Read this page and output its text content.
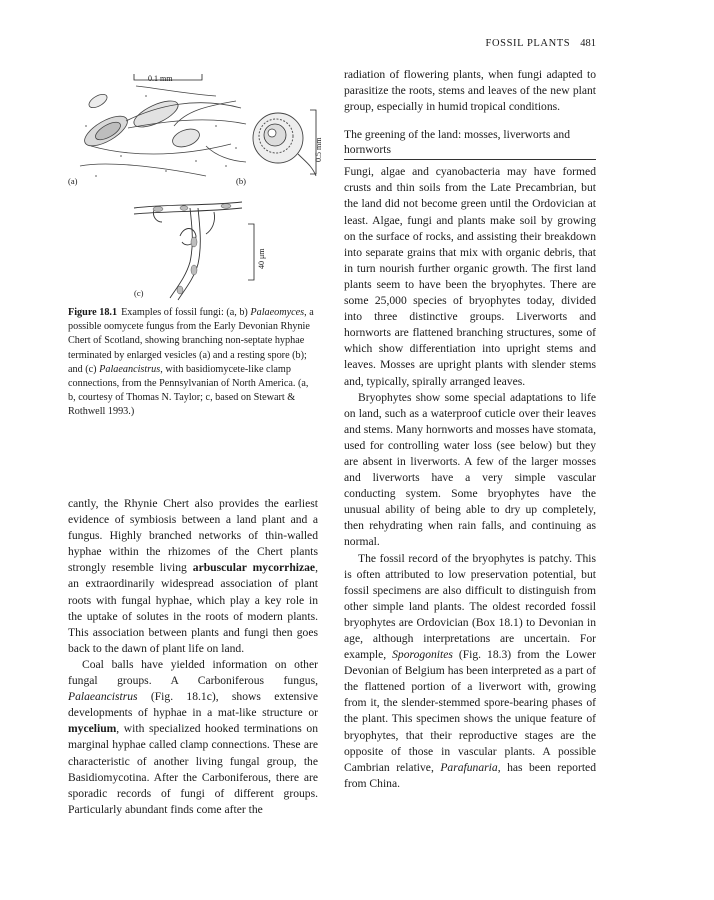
FOSSIL PLANTS 481
0.1 mm
(a)	(b)
(c)
0.5 mm
40 μm
Figure 18.1 Examples of fossil fungi: (a, b) Palaeomyces, a possible oomycete fungus from the Early Devonian Rhynie Chert of Scotland, showing branching non-septate hyphae terminated by enlarged vesicles (a) and a resting spore (b); and (c) Palaeancistrus, with basidiomycete-like clamp connections, from the Pennsylvanian of North America. (a, b, courtesy of Thomas N. Taylor; c, based on Stewart & Rothwell 1993.)

cantly, the Rhynie Chert also provides the earliest evidence of symbiosis between a land plant and a fungus. Highly branched networks of thin-walled hyphae within the rhizomes of the Chert plants strongly resemble living arbuscular mycorrhizae, an extraordinarily widespread association of plant roots with fungal hyphae, which play a key role in the uptake of solutes in the roots of modern plants. This association between plants and fungi then goes back to the dawn of plant life on land.

Coal balls have yielded information on other fungal groups. A Carboniferous fungus, Palaeancistrus (Fig. 18.1c), shows extensive developments of hyphae in a mat-like structure or mycelium, with specialized hooked terminations on marginal hyphae called clamp connections. These are characteristic of another living fungal group, the Basidiomycotina. After the Carboniferous, there are sporadic records of fungi of different groups. Particularly abundant finds come after the

radiation of flowering plants, when fungi adapted to parasitize the roots, stems and leaves of the new plant group, especially in humid tropical conditions.

The greening of the land: mosses, liverworts and hornworts

Fungi, algae and cyanobacteria may have formed crusts and thin soils from the Late Precambrian, but the land did not become green until the Ordovician at least. Algae, fungi and plants make soil by growing on the surface of rocks, and assisting their breakdown into separate grains that mix with organic debris, that in turn nourish further organic growth. The first land plants seem to have been the bryophytes. There are some 25,000 species of bryophytes today, divided into three distinctive groups. Liverworts and hornworts are flattened branching structures, some of which show differentiation into upright stems and leaves. Mosses are upright plants with slender stems and, typically, spirally arranged leaves.

Bryophytes show some special adaptations to life on land, such as a waterproof cuticle over their leaves and stems. Many hornworts and mosses have stomata, used for controlling water loss (see below) but they are absent in liverworts. A few of the larger mosses and liverworts have a very simple vascular conducting system. Some bryophytes have the unusual ability of being able to dry up completely, then rehydrating when rain falls, and continuing as normal.

The fossil record of the bryophytes is patchy. This is often attributed to low preservation potential, but fossil specimens are also difficult to distinguish from other simple land plants. The oldest recorded fossil bryophytes are Ordovician (Box 18.1) to Devonian in age, although interpretations are uncertain. For example, Sporogonites (Fig. 18.3) from the Lower Devonian of Belgium has been interpreted as a part of the flattened portion of a liverwort with, growing from it, the slender-stemmed spore-bearing phases of the plant. This specimen shows the unique feature of bryophytes, that their reproductive stages are the opposite of those in vascular plants. A possible Cambrian relative, Parafunaria, has been reported from China.
